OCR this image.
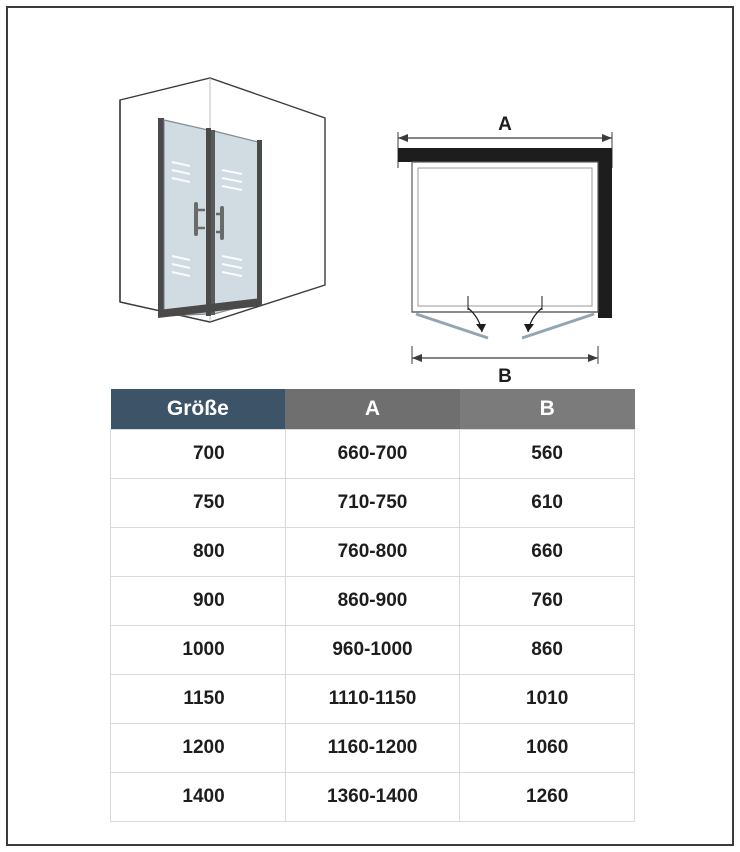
A
B
Größe	A	B
700	660-700	560
750	710-750	610
800	760-800	660
900	860-900	760
1000	960-1000	860
1150	1110-1150	1010
1200	1160-1200	1060
1400	1360-1400	1260
